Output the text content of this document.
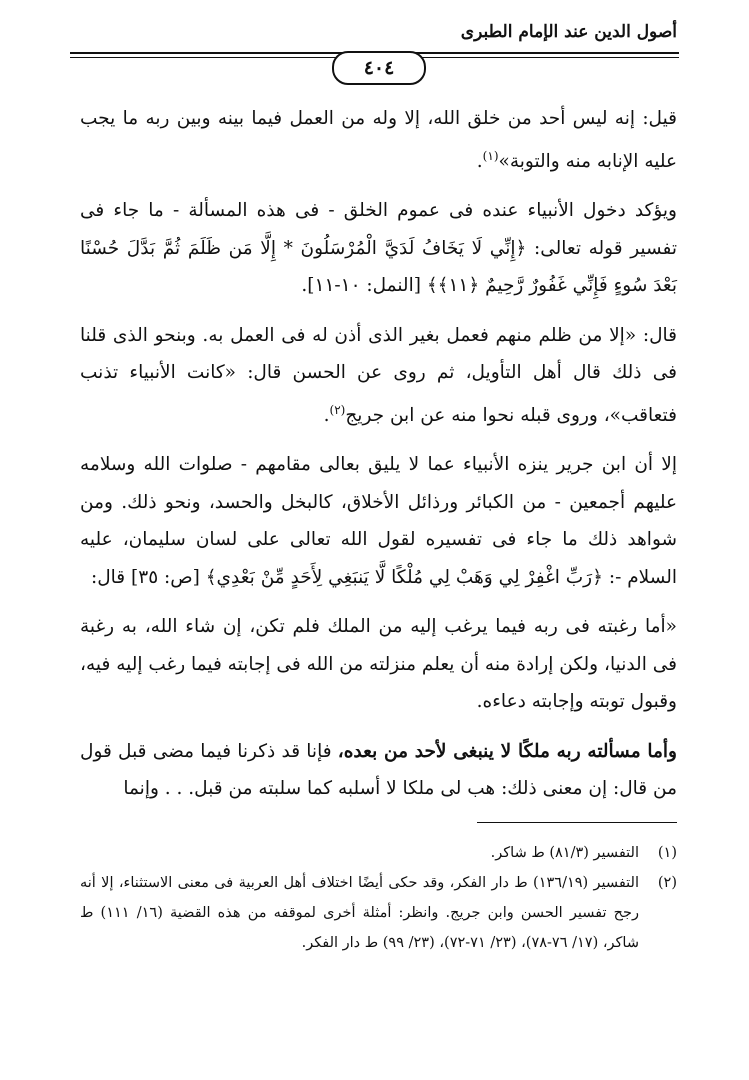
أصول الدين عند الإمام الطبرى
٤٠٤

قيل: إنه ليس أحد من خلق الله، إلا وله من العمل فيما بينه وبين ربه ما يجب عليه الإنابه منه والتوبة»$^{(١)}$.

ويؤكد دخول الأنبياء عنده فى عموم الخلق - فى هذه المسألة - ما جاء فى تفسير قوله تعالى: ﴿إِنِّي لَا يَخَافُ لَدَيَّ الْمُرْسَلُونَ * إِلَّا مَن ظَلَمَ ثُمَّ بَدَّلَ حُسْنًا بَعْدَ سُوءٍ فَإِنِّي غَفُورٌ رَّحِيمٌ ﴿١١﴾﴾ [النمل: ١٠-١١].

قال: «إلا من ظلم منهم فعمل بغير الذى أذن له فى العمل به. وبنحو الذى قلنا فى ذلك قال أهل التأويل، ثم روى عن الحسن قال: «كانت الأنبياء تذنب فتعاقب»، وروى قبله نحوا منه عن ابن جريج$^{(٢)}$.

إلا أن ابن جرير ينزه الأنبياء عما لا يليق بعالى مقامهم - صلوات الله وسلامه عليهم أجمعين - من الكبائر ورذائل الأخلاق، كالبخل والحسد، ونحو ذلك. ومن شواهد ذلك ما جاء فى تفسيره لقول الله تعالى على لسان سليمان، عليه السلام -: ﴿رَبِّ اغْفِرْ لِي وَهَبْ لِي مُلْكًا لَّا يَنبَغِي لِأَحَدٍ مِّنْ بَعْدِي﴾ [ص: ٣٥] قال:

«أما رغبته فى ربه فيما يرغب إليه من الملك فلم تكن، إن شاء الله، به رغبة فى الدنيا، ولكن إرادة منه أن يعلم منزلته من الله فى إجابته فيما رغب إليه فيه، وقبول توبته وإجابته دعاءه.

وأما مسألته ربه ملكًا لا ينبغى لأحد من بعده، فإنا قد ذكرنا فيما مضى قبل قول من قال: إن معنى ذلك: هب لى ملكا لا أسلبه كما سلبته من قبل. . . وإنما

(١)
التفسير (٨١/٣) ط شاكر.
(٢)
التفسير (١٣٦/١٩) ط دار الفكر، وقد حكى أيضًا اختلاف أهل العربية فى معنى الاستثناء، إلا أنه رجح تفسير الحسن وابن جريج. وانظر: أمثلة أخرى لموقفه من هذه القضية (١٦/ ١١١) ط شاكر، (١٧/ ٧٦-٧٨)، (٢٣/ ٧١-٧٢)، (٢٣/ ٩٩) ط دار الفكر.
